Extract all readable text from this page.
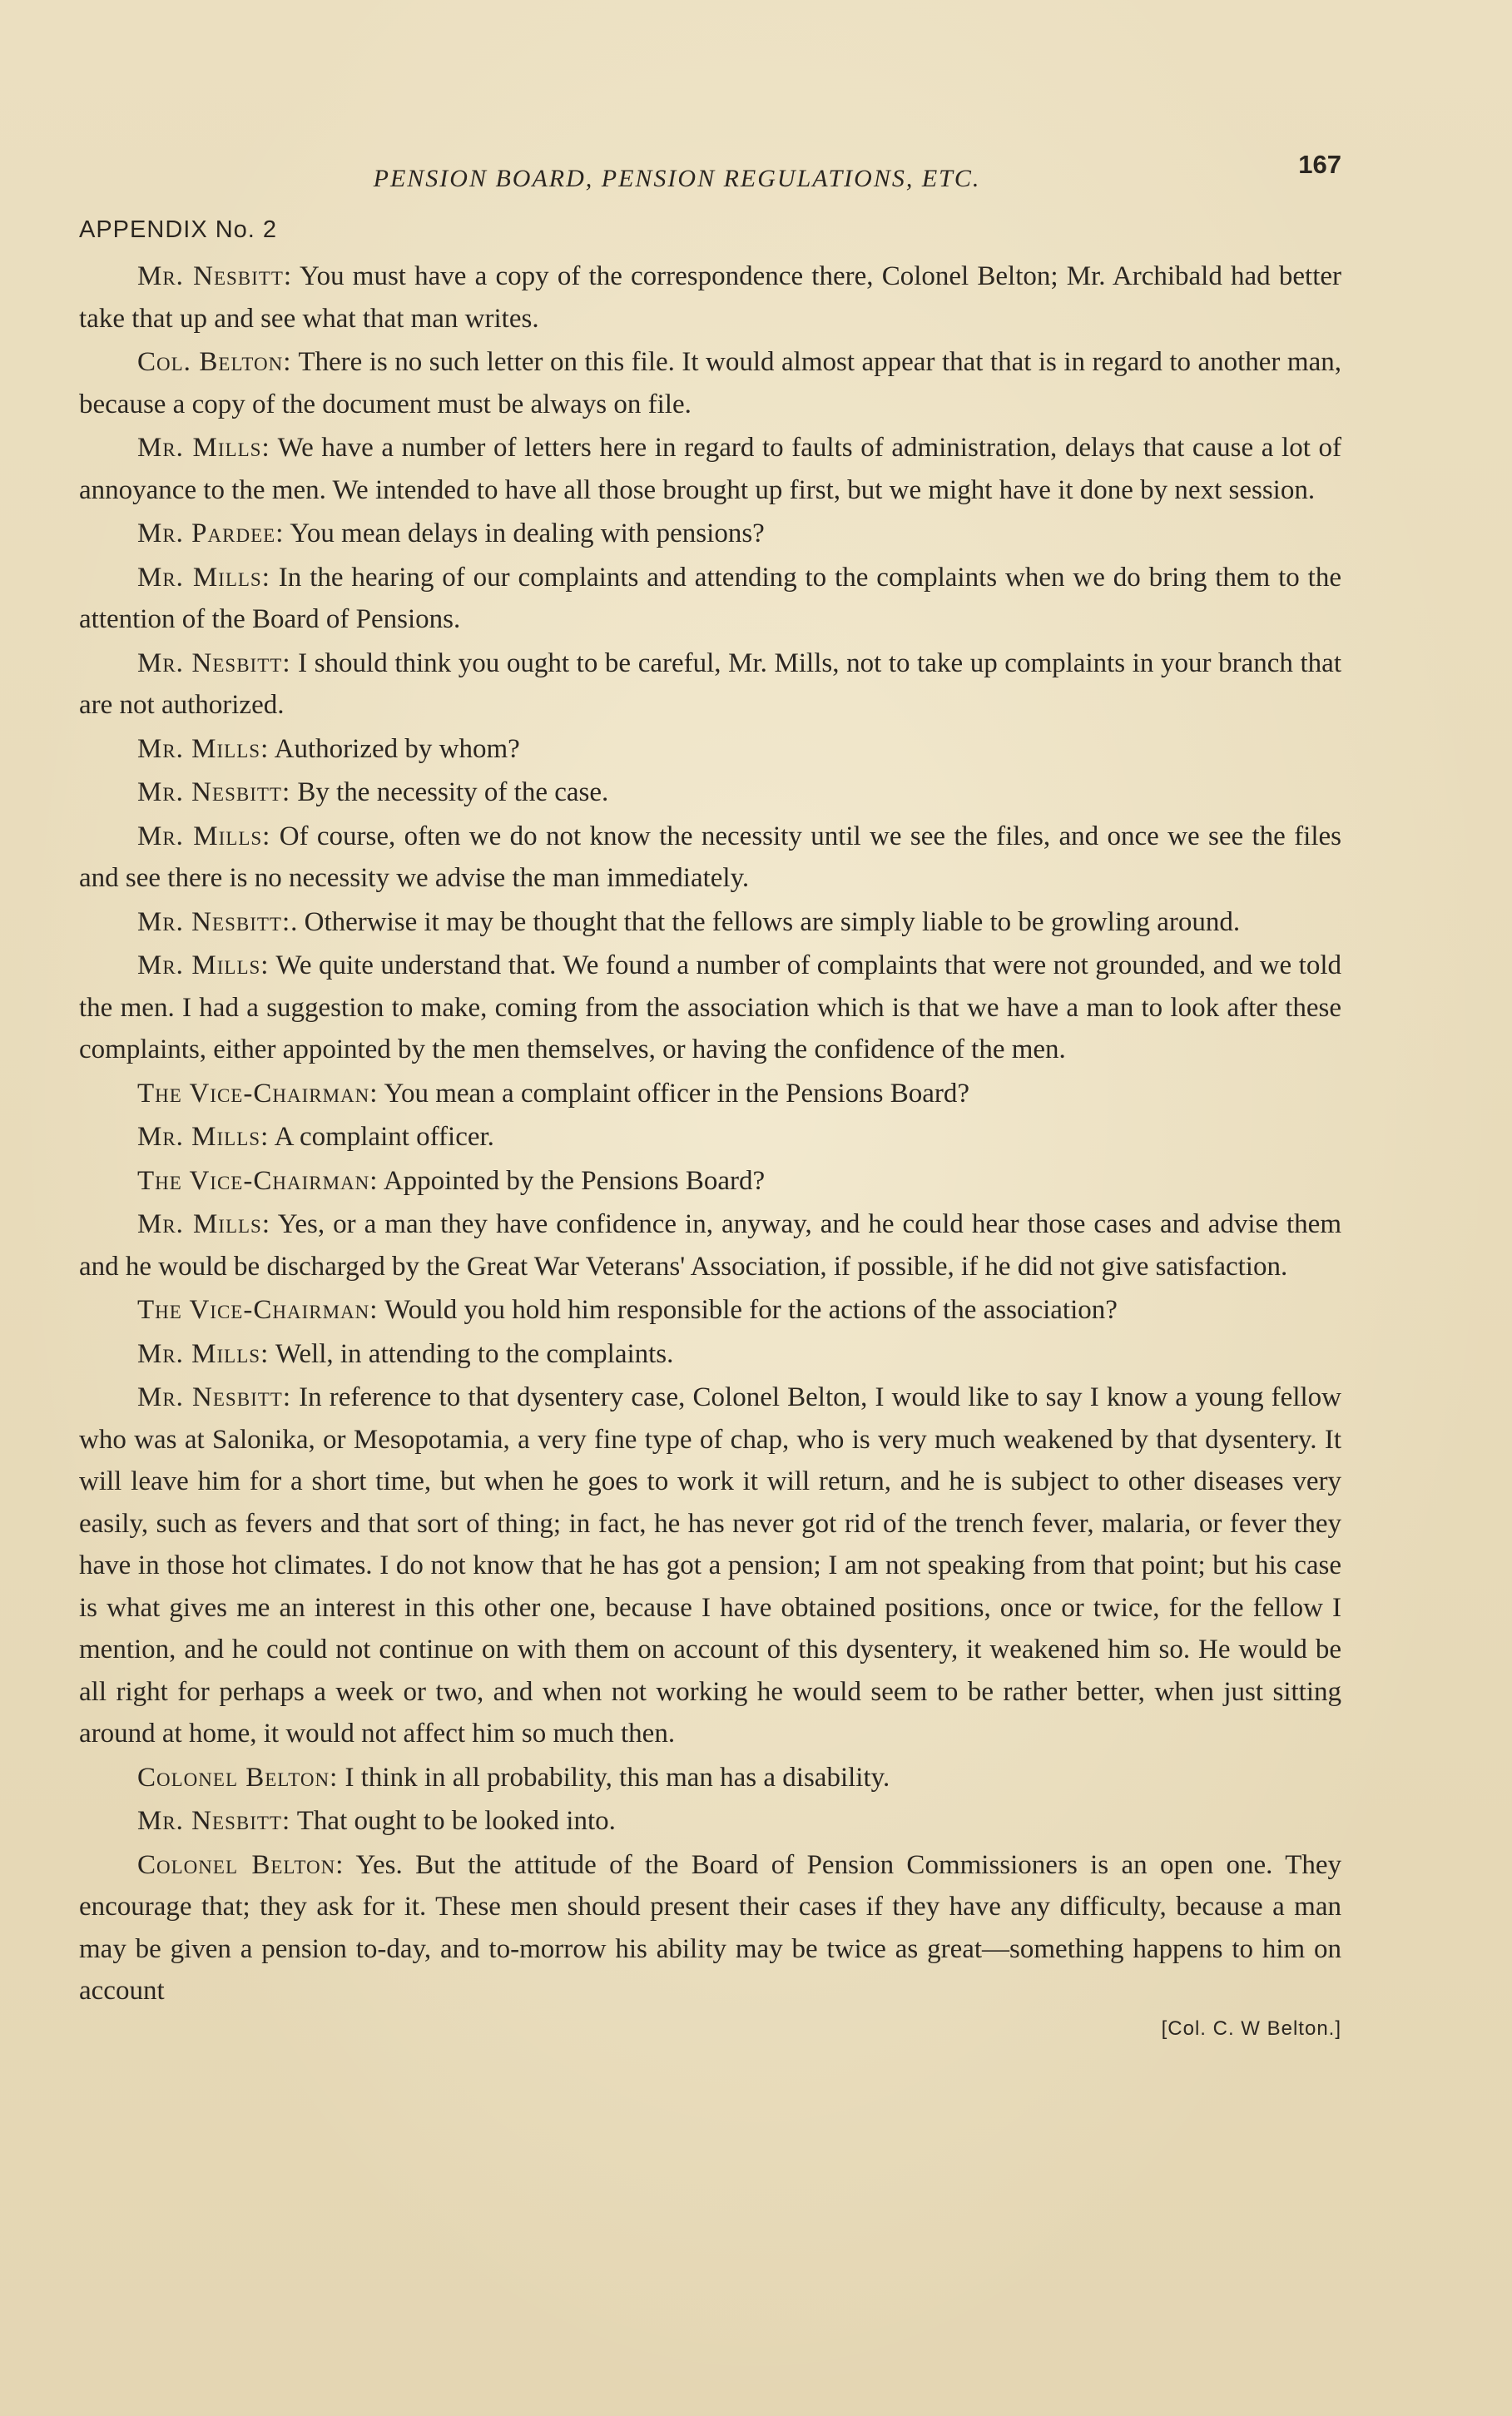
PENSION BOARD, PENSION REGULATIONS, ETC.	167
APPENDIX No. 2

Mr. Nesbitt: You must have a copy of the correspondence there, Colonel Belton; Mr. Archibald had better take that up and see what that man writes.

Col. Belton: There is no such letter on this file. It would almost appear that that is in regard to another man, because a copy of the document must be always on file.

Mr. Mills: We have a number of letters here in regard to faults of administration, delays that cause a lot of annoyance to the men. We intended to have all those brought up first, but we might have it done by next session.

Mr. Pardee: You mean delays in dealing with pensions?

Mr. Mills: In the hearing of our complaints and attending to the complaints when we do bring them to the attention of the Board of Pensions.

Mr. Nesbitt: I should think you ought to be careful, Mr. Mills, not to take up complaints in your branch that are not authorized.

Mr. Mills: Authorized by whom?

Mr. Nesbitt: By the necessity of the case.

Mr. Mills: Of course, often we do not know the necessity until we see the files, and once we see the files and see there is no necessity we advise the man immediately.

Mr. Nesbitt:. Otherwise it may be thought that the fellows are simply liable to be growling around.

Mr. Mills: We quite understand that. We found a number of complaints that were not grounded, and we told the men. I had a suggestion to make, coming from the association which is that we have a man to look after these complaints, either appointed by the men themselves, or having the confidence of the men.

The Vice-Chairman: You mean a complaint officer in the Pensions Board?

Mr. Mills: A complaint officer.

The Vice-Chairman: Appointed by the Pensions Board?

Mr. Mills: Yes, or a man they have confidence in, anyway, and he could hear those cases and advise them and he would be discharged by the Great War Veterans' Association, if possible, if he did not give satisfaction.

The Vice-Chairman: Would you hold him responsible for the actions of the association?

Mr. Mills: Well, in attending to the complaints.

Mr. Nesbitt: In reference to that dysentery case, Colonel Belton, I would like to say I know a young fellow who was at Salonika, or Mesopotamia, a very fine type of chap, who is very much weakened by that dysentery. It will leave him for a short time, but when he goes to work it will return, and he is subject to other diseases very easily, such as fevers and that sort of thing; in fact, he has never got rid of the trench fever, malaria, or fever they have in those hot climates. I do not know that he has got a pension; I am not speaking from that point; but his case is what gives me an interest in this other one, because I have obtained positions, once or twice, for the fellow I mention, and he could not continue on with them on account of this dysentery, it weakened him so. He would be all right for perhaps a week or two, and when not working he would seem to be rather better, when just sitting around at home, it would not affect him so much then.

Colonel Belton: I think in all probability, this man has a disability.

Mr. Nesbitt: That ought to be looked into.

Colonel Belton: Yes. But the attitude of the Board of Pension Commissioners is an open one. They encourage that; they ask for it. These men should present their cases if they have any difficulty, because a man may be given a pension to-day, and to-morrow his ability may be twice as great—something happens to him on account

[Col. C. W Belton.]
